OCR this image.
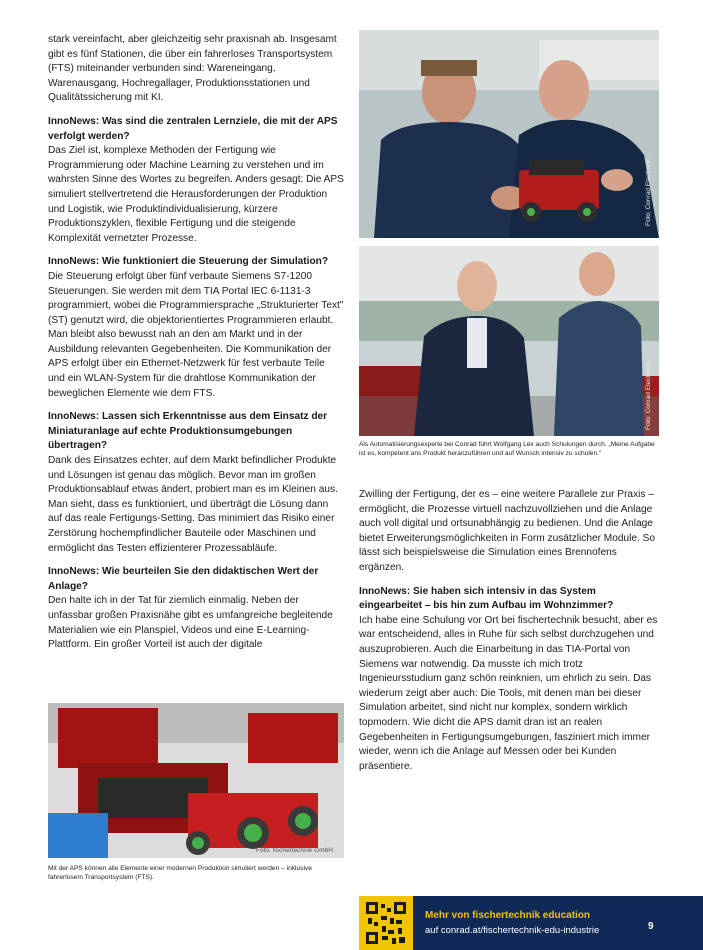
stark vereinfacht, aber gleichzeitig sehr praxisnah ab. Insgesamt gibt es fünf Stationen, die über ein fahrerloses Transportsystem (FTS) miteinander verbunden sind: Wareneingang, Warenausgang, Hochregallager, Produktionsstationen und Qualitätssicherung mit KI.

InnoNews: Was sind die zentralen Lernziele, die mit der APS verfolgt werden?

Das Ziel ist, komplexe Methoden der Fertigung wie Programmierung oder Machine Learning zu verstehen und im wahrsten Sinne des Wortes zu begreifen. Anders gesagt: Die APS simuliert stellvertretend die Herausforderungen der Produktion und Logistik, wie Produktindividualisierung, kürzere Produktionszyklen, flexible Fertigung und die steigende Komplexität vernetzter Prozesse.

InnoNews: Wie funktioniert die Steuerung der Simulation?

Die Steuerung erfolgt über fünf verbaute Siemens S7-1200 Steuerungen. Sie werden mit dem TIA Portal IEC 6-1131-3 programmiert, wobei die Programmiersprache „Strukturierter Text" (ST) genutzt wird, die objektorientiertes Programmieren erlaubt. Man bleibt also bewusst nah an den am Markt und in der Ausbildung relevanten Gegebenheiten. Die Kommunikation der APS erfolgt über ein Ethernet-Netzwerk für fest verbaute Teile und ein WLAN-System für die drahtlose Kommunikation der beweglichen Elemente wie dem FTS.

InnoNews: Lassen sich Erkenntnisse aus dem Einsatz der Miniaturanlage auf echte Produktionsumgebungen übertragen?

Dank des Einsatzes echter, auf dem Markt befindlicher Produkte und Lösungen ist genau das möglich. Bevor man im großen Produktionsablauf etwas ändert, probiert man es im Kleinen aus. Man sieht, dass es funktioniert, und überträgt die Lösung dann auf das reale Fertigungs-Setting. Das minimiert das Risiko einer Zerstörung hochempfindlicher Bauteile oder Maschinen und ermöglicht das Testen effizienterer Prozessabläufe.

InnoNews: Wie beurteilen Sie den didaktischen Wert der Anlage?

Den halte ich in der Tat für ziemlich einmalig. Neben der unfassbar großen Praxisnähe gibt es umfangreiche begleitende Materialien wie ein Planspiel, Videos und eine E-Learning-Plattform. Ein großer Vorteil ist auch der digitale

Foto: Conrad Electronic
Foto: Conrad Electronic
Als Automatisierungsexperte bei Conrad führt Wolfgang Lex auch Schulungen durch. „Meine Aufgabe ist es, kompetent ans Produkt heranzuführen und auf Wunsch intensiv zu schulen."

Zwilling der Fertigung, der es – eine weitere Parallele zur Praxis – ermöglicht, die Prozesse virtuell nachzuvollziehen und die Anlage auch voll digital und ortsunabhängig zu bedienen. Und die Anlage bietet Erweiterungsmöglichkeiten in Form zusätzlicher Module. So lässt sich beispielsweise die Simulation eines Brennofens ergänzen.

InnoNews: Sie haben sich intensiv in das System eingearbeitet – bis hin zum Aufbau im Wohnzimmer?

Ich habe eine Schulung vor Ort bei fischertechnik besucht, aber es war entscheidend, alles in Ruhe für sich selbst durchzugehen und auszuprobieren. Auch die Einarbeitung in das TIA-Portal von Siemens war notwendig. Da musste ich mich trotz Ingenieursstudium ganz schön reinknien, um ehrlich zu sein. Das wiederum zeigt aber auch: Die Tools, mit denen man bei dieser Simulation arbeitet, sind nicht nur komplex, sondern wirklich topmodern. Wie dicht die APS damit dran ist an realen Gegebenheiten in Fertigungsumgebungen, fasziniert mich immer wieder, wenn ich die Anlage auf Messen oder bei Kunden präsentiere.

Foto: fischertechnik GmbH
Mit der APS können alle Elemente einer modernen Produktion simuliert werden – inklusive fahrerlosem Transportsystem (FTS).
Mehr von fischertechnik education
auf conrad.at/fischertechnik-edu-industrie	9
